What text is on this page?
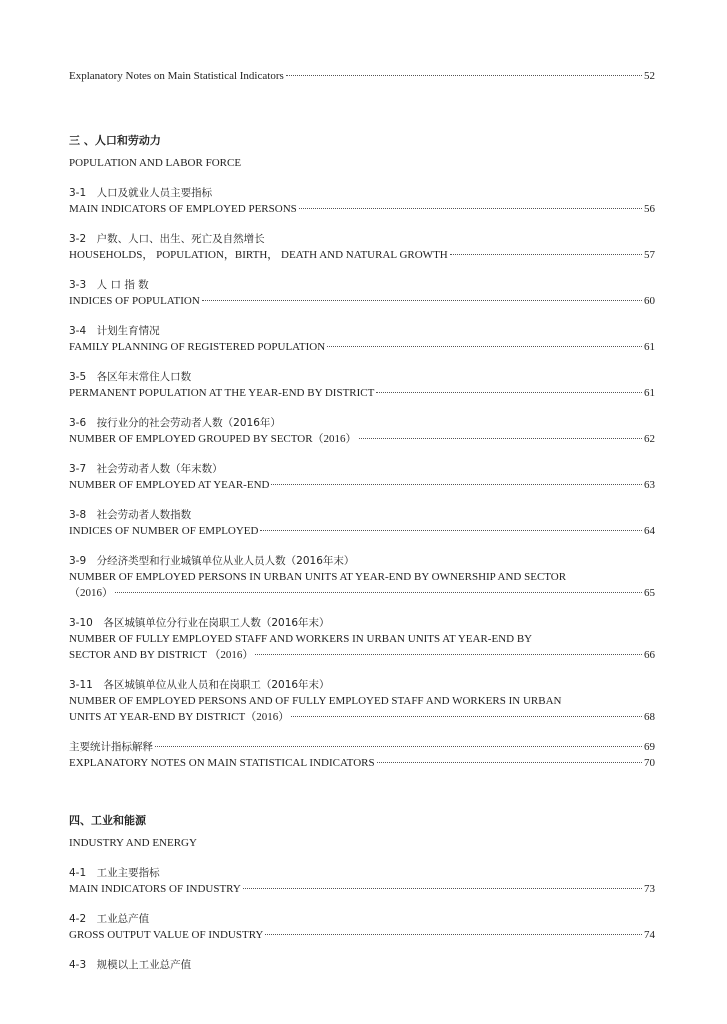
Explanatory Notes on Main Statistical Indicators	52
三 、人口和劳动力
POPULATION AND LABOR FORCE
3-1　人口及就业人员主要指标
MAIN INDICATORS OF EMPLOYED PERSONS	56
3-2　户数、人口、出生、死亡及自然增长
HOUSEHOLDS， POPULATION，BIRTH， DEATH AND NATURAL GROWTH	57
3-3　人 口 指 数
INDICES OF POPULATION	60
3-4　计划生育情况
FAMILY PLANNING OF REGISTERED POPULATION	61
3-5　各区年末常住人口数
PERMANENT POPULATION AT THE YEAR-END BY DISTRICT	61
3-6　按行业分的社会劳动者人数（2016年）
NUMBER OF EMPLOYED GROUPED BY SECTOR（2016）	62
3-7　社会劳动者人数（年末数）
NUMBER OF EMPLOYED AT YEAR-END	63
3-8　社会劳动者人数指数
INDICES OF NUMBER OF EMPLOYED	64
3-9　分经济类型和行业城镇单位从业人员人数（2016年末）
NUMBER OF EMPLOYED PERSONS IN URBAN UNITS AT YEAR-END BY OWNERSHIP AND SECTOR
（2016）	65
3-10　各区城镇单位分行业在岗职工人数（2016年末）
NUMBER OF FULLY EMPLOYED STAFF AND WORKERS IN URBAN UNITS AT YEAR-END BY
SECTOR AND BY DISTRICT （2016）	66
3-11　各区城镇单位从业人员和在岗职工（2016年末）
NUMBER OF EMPLOYED PERSONS AND OF FULLY EMPLOYED STAFF AND WORKERS IN URBAN
UNITS AT YEAR-END BY DISTRICT（2016）	68
主要统计指标解释	69
EXPLANATORY NOTES ON MAIN STATISTICAL INDICATORS	70
四、工业和能源
INDUSTRY AND ENERGY
4-1　工业主要指标
MAIN INDICATORS OF INDUSTRY	73
4-2　工业总产值
GROSS OUTPUT VALUE OF INDUSTRY	74
4-3　规模以上工业总产值
